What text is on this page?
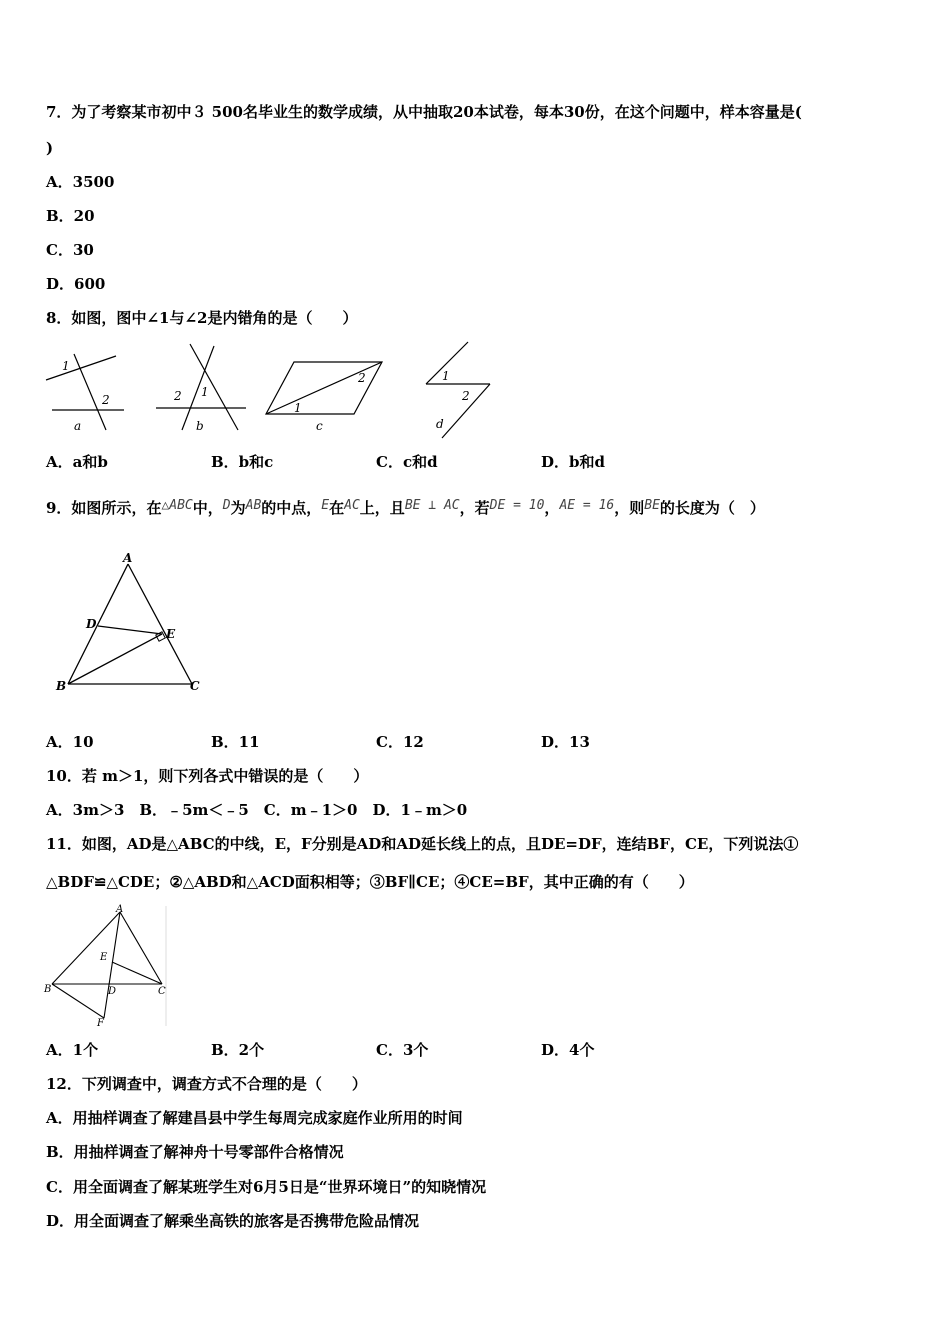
7．为了考察某市初中３ 500名毕业生的数学成绩，从中抽取20本试卷，每本30份，在这个问题中，样本容量是(
)
A．3500
B．20
C．30
D．600
8．如图，图中∠1与∠2是内错角的是（　　）
1
2
a
1
2
b
1
2
c
1
2
d
A．a和b	B．b和c	C．c和d	D．b和d
9．如图所示，在△ABC中，D为AB的中点，E在AC上，且BE ⊥ AC，若DE = 10，AE = 16，则BE的长度为（　）
A
D
E
B	C
A．10	B．11	C．12	D．13
10．若 m＞1，则下列各式中错误的是（　　）
A．3m＞3　B．﹣5m＜﹣5　C．m﹣1＞0　D．1﹣m＞0
11．如图，AD是△ABC的中线，E，F分别是AD和AD延长线上的点，且DE=DF，连结BF，CE，下列说法①
△BDF≌△CDE；②△ABD和△ACD面积相等；③BF∥CE；④CE=BF，其中正确的有（　　）
A
E
B	D	C
F
A．1个	B．2个	C．3个	D．4个
12．下列调查中，调查方式不合理的是（　　）
A．用抽样调查了解建昌县中学生每周完成家庭作业所用的时间
B．用抽样调查了解神舟十号零部件合格情况
C．用全面调查了解某班学生对6月5日是“世界环境日”的知晓情况
D．用全面调查了解乘坐高铁的旅客是否携带危险品情况
